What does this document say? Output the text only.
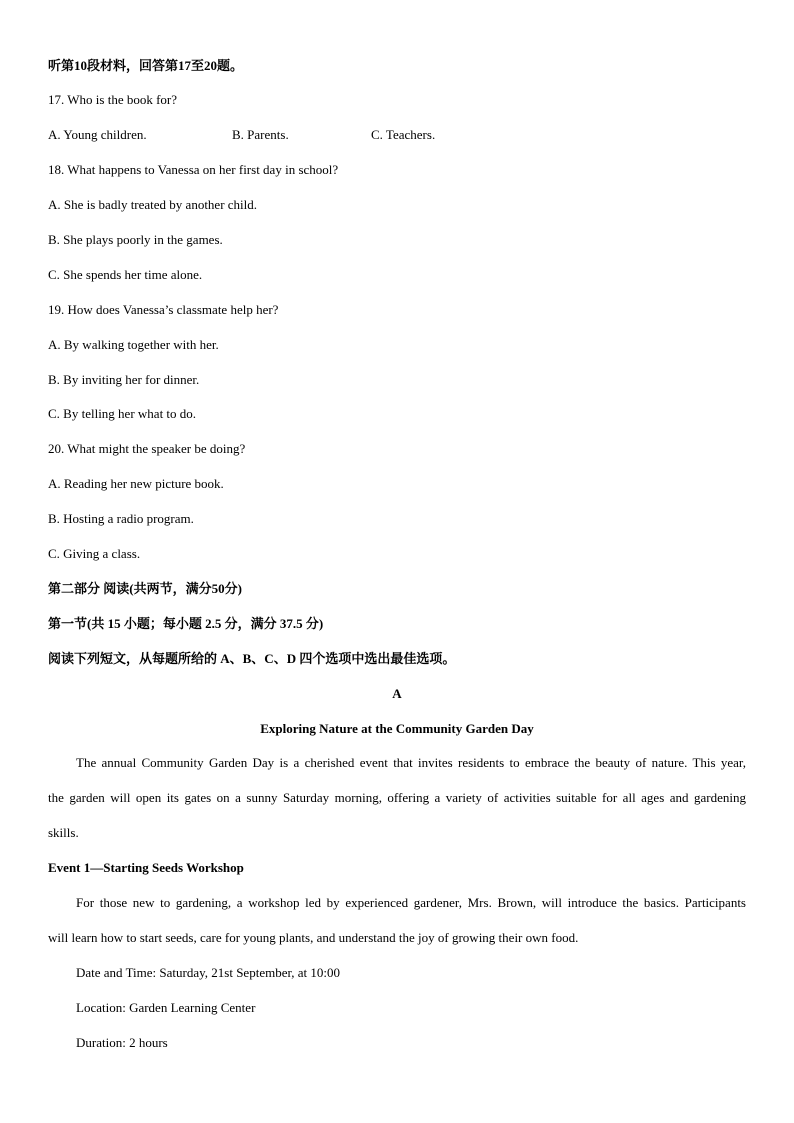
听第10段材料，回答第17至20题。
17. Who is the book for?
A. Young children.	B. Parents.	C. Teachers.
18. What happens to Vanessa on her first day in school?
A. She is badly treated by another child.
B. She plays poorly in the games.
C. She spends her time alone.
19. How does Vanessa’s classmate help her?
A. By walking together with her.
B. By inviting her for dinner.
C. By telling her what to do.
20. What might the speaker be doing?
A. Reading her new picture book.
B. Hosting a radio program.
C. Giving a class.
第二部分 阅读(共两节，满分50分)
第一节(共 15 小题；每小题 2.5 分，满分 37.5 分)
阅读下列短文，从每题所给的 A、B、C、D 四个选项中选出最佳选项。
A
Exploring Nature at the Community Garden Day
The annual Community Garden Day is a cherished event that invites residents to embrace the beauty of nature. This year,
the garden will open its gates on a sunny Saturday morning, offering a variety of activities suitable for all ages and gardening
skills.
Event 1—Starting Seeds Workshop
For those new to gardening, a workshop led by experienced gardener, Mrs. Brown, will introduce the basics. Participants
will learn how to start seeds, care for young plants, and understand the joy of growing their own food.
Date and Time: Saturday, 21st September, at 10:00
Location: Garden Learning Center
Duration: 2 hours
